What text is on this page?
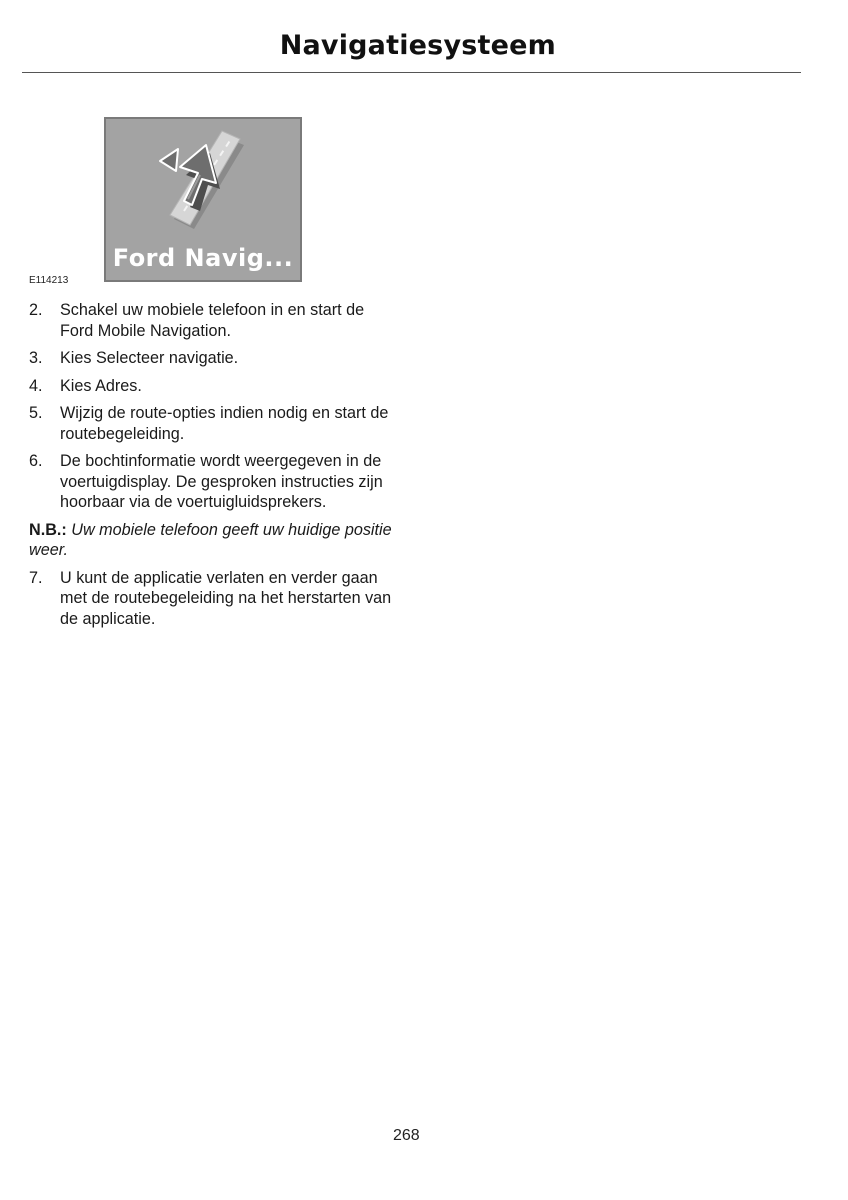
Navigatiesysteem
Ford Navig...
E114213
2. Schakel uw mobiele telefoon in en start de Ford Mobile Navigation.
3. Kies Selecteer navigatie.
4. Kies Adres.
5. Wijzig de route-opties indien nodig en start de routebegeleiding.
6. De bochtinformatie wordt weergegeven in de voertuigdisplay. De gesproken instructies zijn hoorbaar via de voertuigluidsprekers.

N.B.: Uw mobiele telefoon geeft uw huidige positie weer.

7. U kunt de applicatie verlaten en verder gaan met de routebegeleiding na het herstarten van de applicatie.
268
